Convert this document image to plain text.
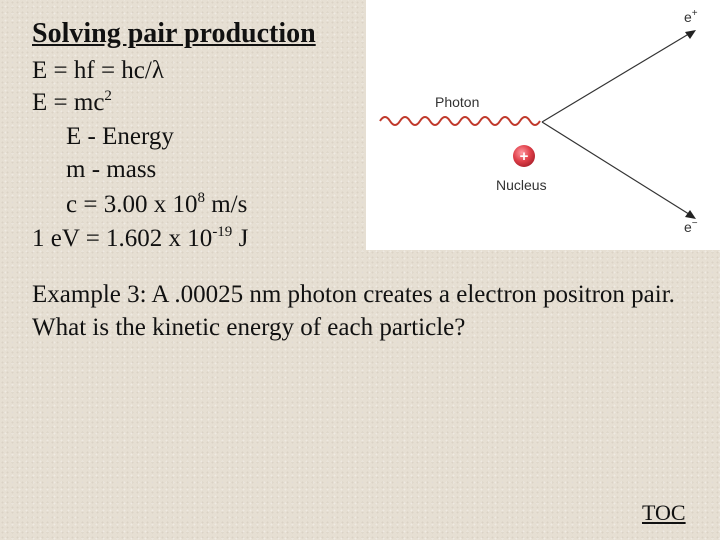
Solving pair production
E = hf = hc/λ
$E = mc^2$
E - Energy
m - mass
c = 3.00 x $10^8$ m/s
1 eV = 1.602 x $10^{-19}$ J
Photon
+
Nucleus
e+
e−

Example 3: A .00025 nm photon creates a electron positron pair. What is the kinetic energy of each particle?

TOC
